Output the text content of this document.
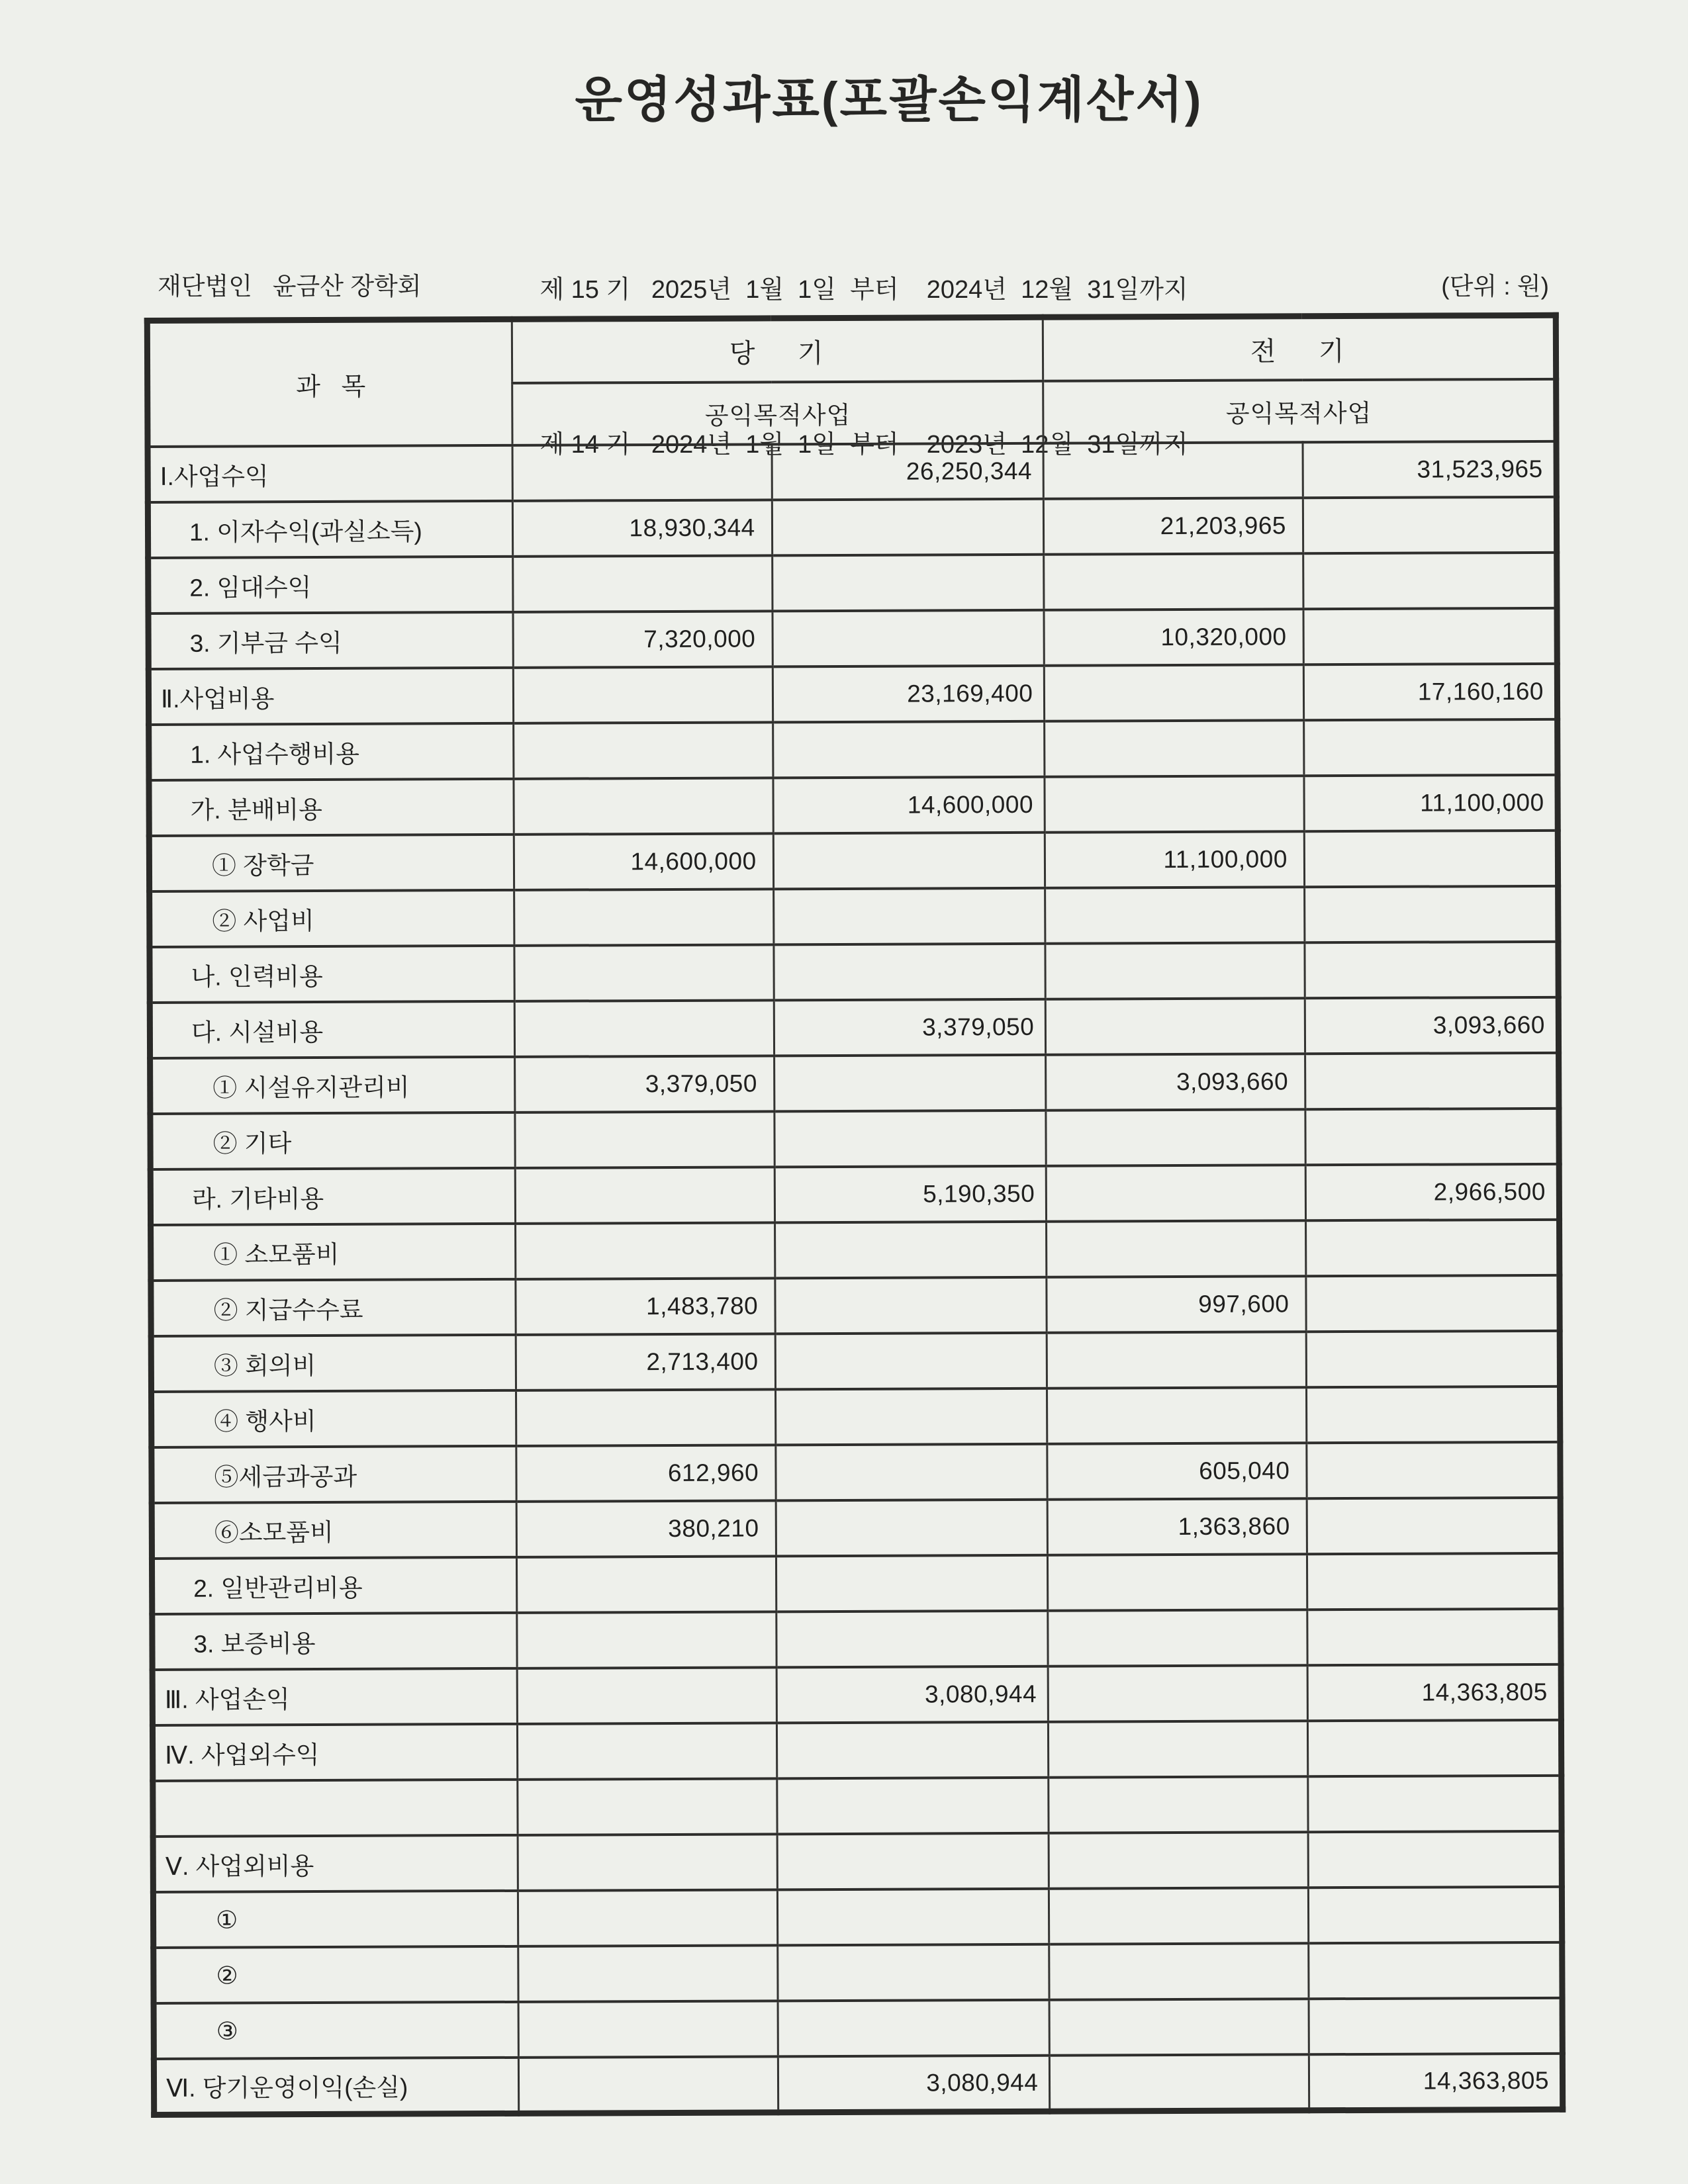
운영성과표(포괄손익계산서)

제 15 기   2025년  1월  1일  부터    2024년  12월  31일까지

제 14 기   2024년  1월  1일  부터    2023년  12월  31일까지

재단법인   윤금산 장학회	(단위 : 원)
과   목	당    기		전    기	
	공익목적사업		공익목적사업	
Ⅰ.사업수익		26,250,344		31,523,965
1. 이자수익(과실소득)	18,930,344		21,203,965	
2. 임대수익				
3. 기부금 수익	7,320,000		10,320,000	
Ⅱ.사업비용		23,169,400		17,160,160
1. 사업수행비용				
가. 분배비용		14,600,000		11,100,000
① 장학금	14,600,000		11,100,000	
② 사업비				
나. 인력비용				
다. 시설비용		3,379,050		3,093,660
① 시설유지관리비	3,379,050		3,093,660	
② 기타				
라. 기타비용		5,190,350		2,966,500
① 소모품비				
② 지급수수료	1,483,780		997,600	
③ 회의비	2,713,400			
④ 행사비				
⑤세금과공과	612,960		605,040	
⑥소모품비	380,210		1,363,860	
2. 일반관리비용				
3. 보증비용				
Ⅲ. 사업손익		3,080,944		14,363,805
Ⅳ. 사업외수익				

Ⅴ. 사업외비용				
①				
②				
③				
Ⅵ. 당기운영이익(손실)		3,080,944		14,363,805
